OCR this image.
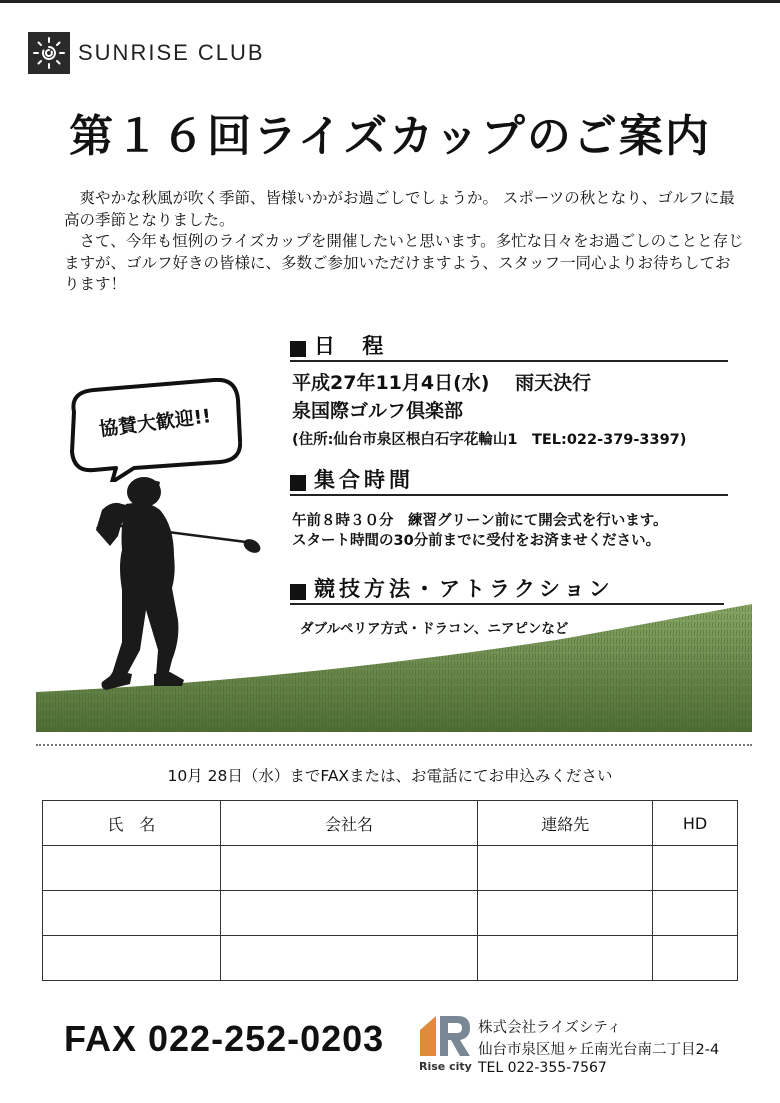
SUNRISE CLUB
第１６回ライズカップのご案内

　爽やかな秋風が吹く季節、皆様いかがお過ごしでしょうか。 スポーツの秋となり、ゴルフに最高の季節となりました。

　さて、今年も恒例のライズカップを開催したいと思います。多忙な日々をお過ごしのことと存じますが、ゴルフ好きの皆様に、多数ご参加いただけますよう、スタッフ一同心よりお待ちしております！

協賛大歓迎!!
日 程
平成27年11月4日(水)　 雨天決行
泉国際ゴルフ倶楽部
(住所:仙台市泉区根白石字花輪山1　TEL:022-379-3397)
集合時間
午前８時３０分　練習グリーン前にて開会式を行います。
スタート時間の30分前までに受付をお済ませください。
競技方法・アトラクション
ダブルペリア方式・ドラコン、ニアピンなど
10月 28日（水）までFAXまたは、お電話にてお申込みください
氏　名	会社名	連絡先	HD

FAX 022-252-0203
Rise city
株式会社ライズシティ
仙台市泉区旭ヶ丘南光台南二丁目2-4
TEL 022-355-7567
